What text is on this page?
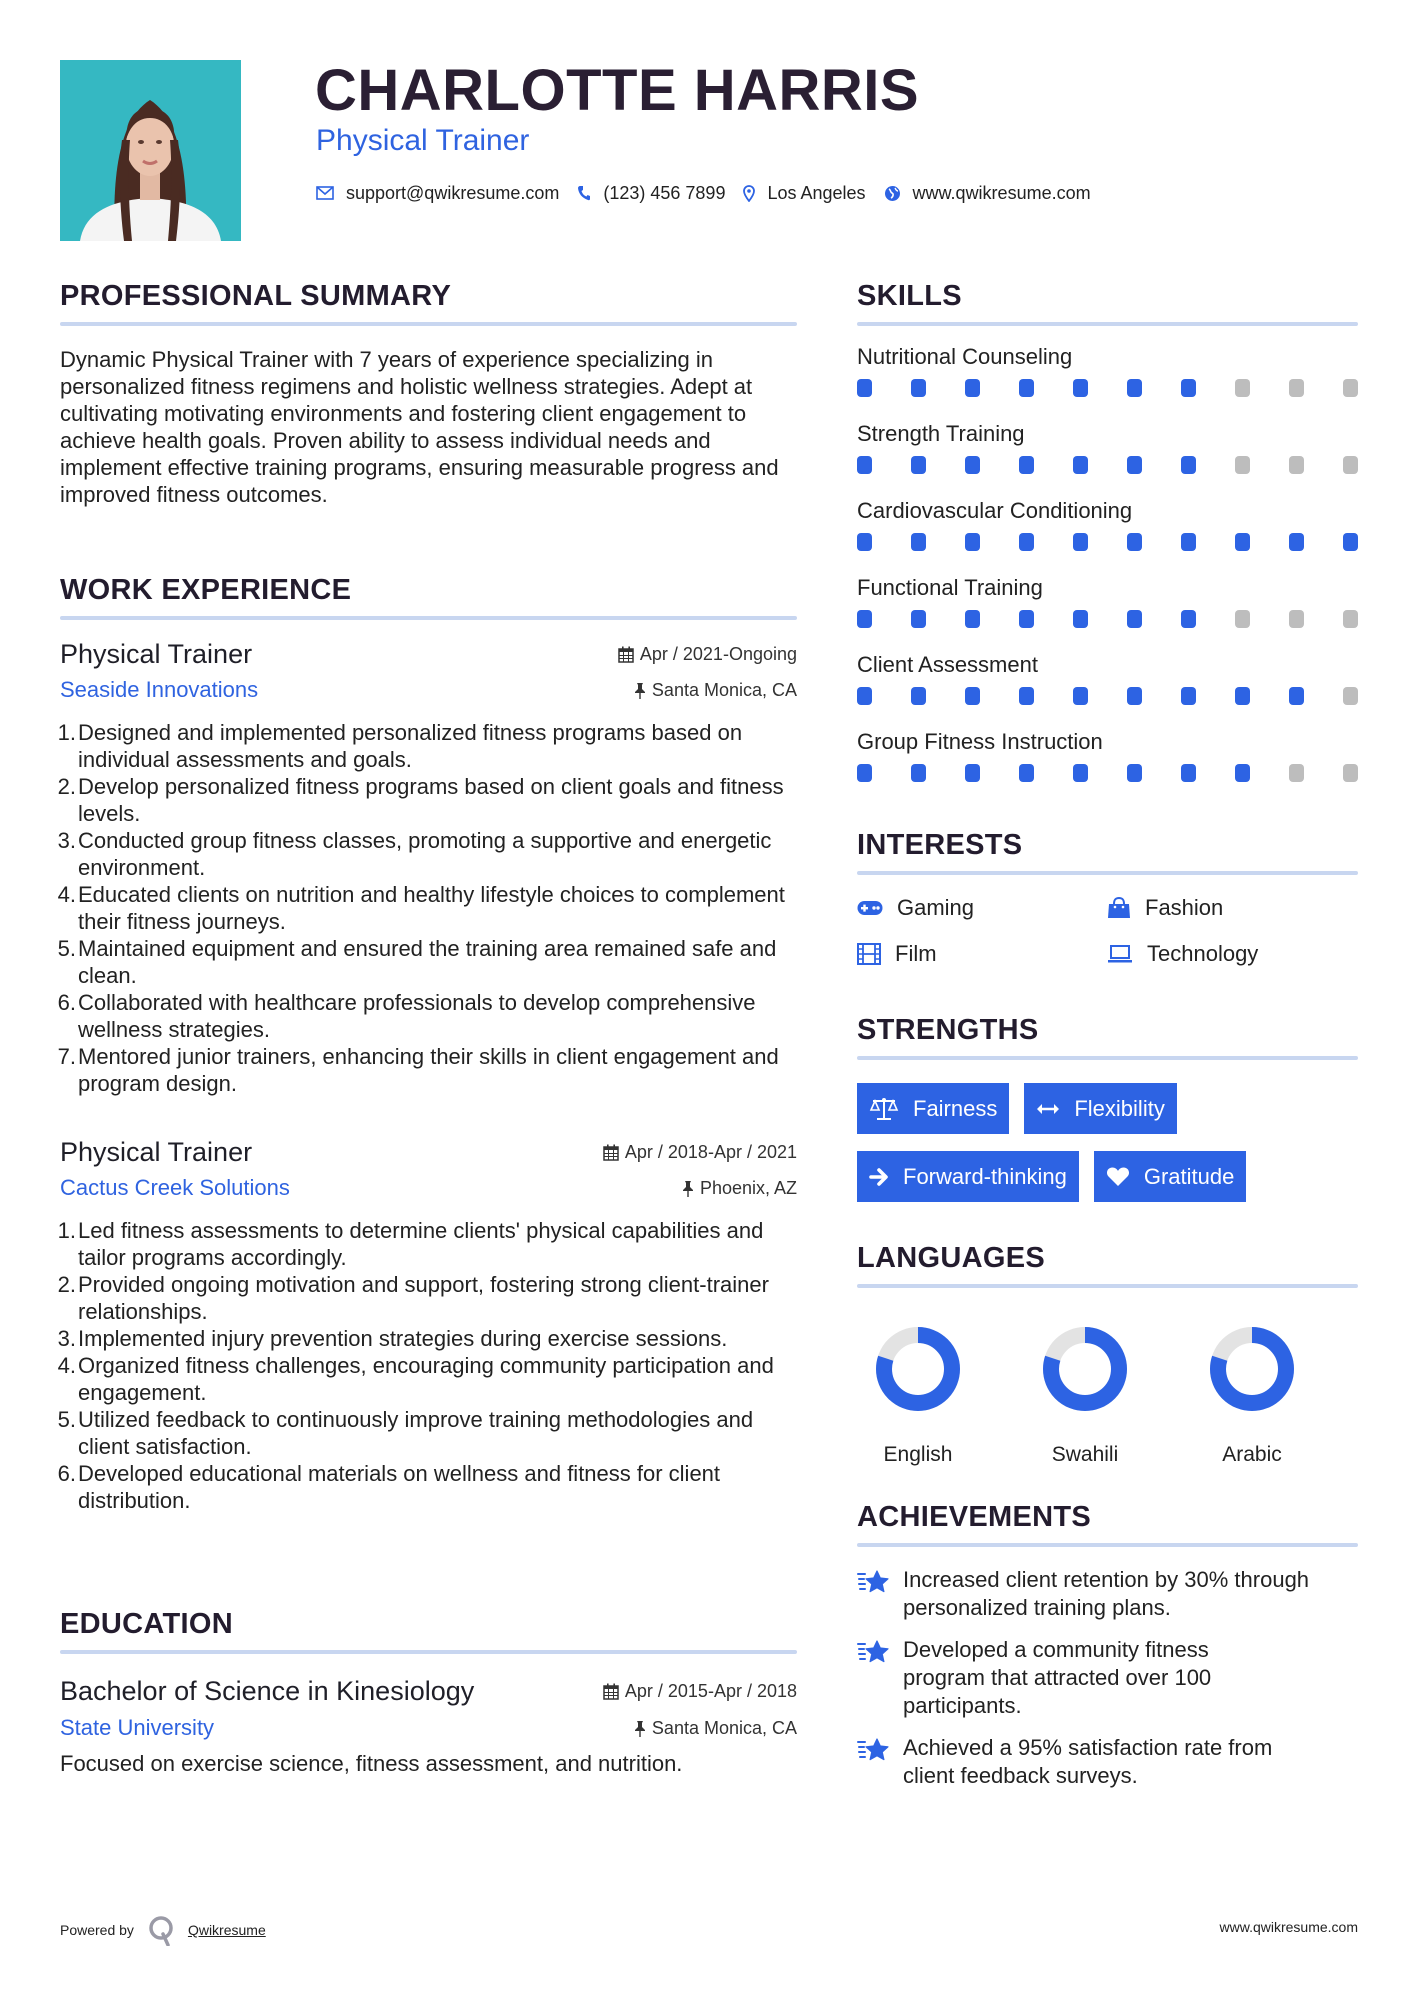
CHARLOTTE HARRIS
Physical Trainer
support@qwikresume.com (123) 456 7899 Los Angeles	www.qwikresume.com
PROFESSIONAL SUMMARY
Dynamic Physical Trainer with 7 years of experience specializing in personalized fitness regimens and holistic wellness strategies. Adept at cultivating motivating environments and fostering client engagement to achieve health goals. Proven ability to assess individual needs and implement effective training programs, ensuring measurable progress and improved fitness outcomes.
WORK EXPERIENCE
Physical Trainer	Apr / 2021-Ongoing
Seaside Innovations	Santa Monica, CA
1. Designed and implemented personalized fitness programs based on individual assessments and goals.
2. Develop personalized fitness programs based on client goals and fitness levels.
3. Conducted group fitness classes, promoting a supportive and energetic environment.
4. Educated clients on nutrition and healthy lifestyle choices to complement their fitness journeys.
5. Maintained equipment and ensured the training area remained safe and clean.
6. Collaborated with healthcare professionals to develop comprehensive wellness strategies.
7. Mentored junior trainers, enhancing their skills in client engagement and program design.
Physical Trainer	Apr / 2018-Apr / 2021
Cactus Creek Solutions	Phoenix, AZ
1. Led fitness assessments to determine clients' physical capabilities and tailor programs accordingly.
2. Provided ongoing motivation and support, fostering strong client-trainer relationships.
3. Implemented injury prevention strategies during exercise sessions.
4. Organized fitness challenges, encouraging community participation and engagement.
5. Utilized feedback to continuously improve training methodologies and client satisfaction.
6. Developed educational materials on wellness and fitness for client distribution.
EDUCATION
Bachelor of Science in Kinesiology	Apr / 2015-Apr / 2018
State University	Santa Monica, CA
Focused on exercise science, fitness assessment, and nutrition.
SKILLS
Nutritional Counseling
Strength Training
Cardiovascular Conditioning
Functional Training
Client Assessment
Group Fitness Instruction
INTERESTS
Gaming	Fashion
Film	Technology
STRENGTHS
Fairness	Flexibility
Forward-thinking	Gratitude
LANGUAGES
English	Swahili	Arabic
ACHIEVEMENTS
Increased client retention by 30% through personalized training plans.
Developed a community fitness program that attracted over 100 participants.
Achieved a 95% satisfaction rate from client feedback surveys.
Powered by	Qwikresume	www.qwikresume.com
